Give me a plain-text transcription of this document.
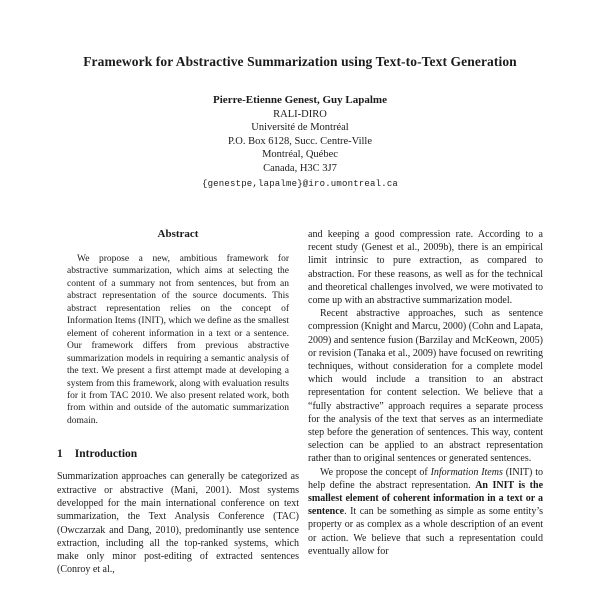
Framework for Abstractive Summarization using Text-to-Text Generation
Pierre-Etienne Genest, Guy Lapalme
RALI-DIRO
Université de Montréal
P.O. Box 6128, Succ. Centre-Ville
Montréal, Québec
Canada, H3C 3J7
{genestpe,lapalme}@iro.umontreal.ca
Abstract

We propose a new, ambitious framework for abstractive summarization, which aims at selecting the content of a summary not from sentences, but from an abstract representation of the source documents. This abstract representation relies on the concept of Information Items (INIT), which we define as the smallest element of coherent information in a text or a sentence. Our framework differs from previous abstractive summarization models in requiring a semantic analysis of the text. We present a first attempt made at developing a system from this framework, along with evaluation results for it from TAC 2010. We also present related work, both from within and outside of the automatic summarization domain.

1 Introduction

Summarization approaches can generally be categorized as extractive or abstractive (Mani, 2001). Most systems developped for the main international conference on text summarization, the Text Analysis Conference (TAC) (Owczarzak and Dang, 2010), predominantly use sentence extraction, including all the top-ranked systems, which make only minor post-editing of extracted sentences (Conroy et al.,

and keeping a good compression rate. According to a recent study (Genest et al., 2009b), there is an empirical limit intrinsic to pure extraction, as compared to abstraction. For these reasons, as well as for the technical and theoretical challenges involved, we were motivated to come up with an abstractive summarization model.

Recent abstractive approaches, such as sentence compression (Knight and Marcu, 2000) (Cohn and Lapata, 2009) and sentence fusion (Barzilay and McKeown, 2005) or revision (Tanaka et al., 2009) have focused on rewriting techniques, without consideration for a complete model which would include a transition to an abstract representation for content selection. We believe that a “fully abstractive” approach requires a separate process for the analysis of the text that serves as an intermediate step before the generation of sentences. This way, content selection can be applied to an abstract representation rather than to original sentences or generated sentences.

We propose the concept of Information Items (INIT) to help define the abstract representation. An INIT is the smallest element of coherent information in a text or a sentence. It can be something as simple as some entity’s property or as complex as a whole description of an event or action. We believe that such a representation could eventually allow for
